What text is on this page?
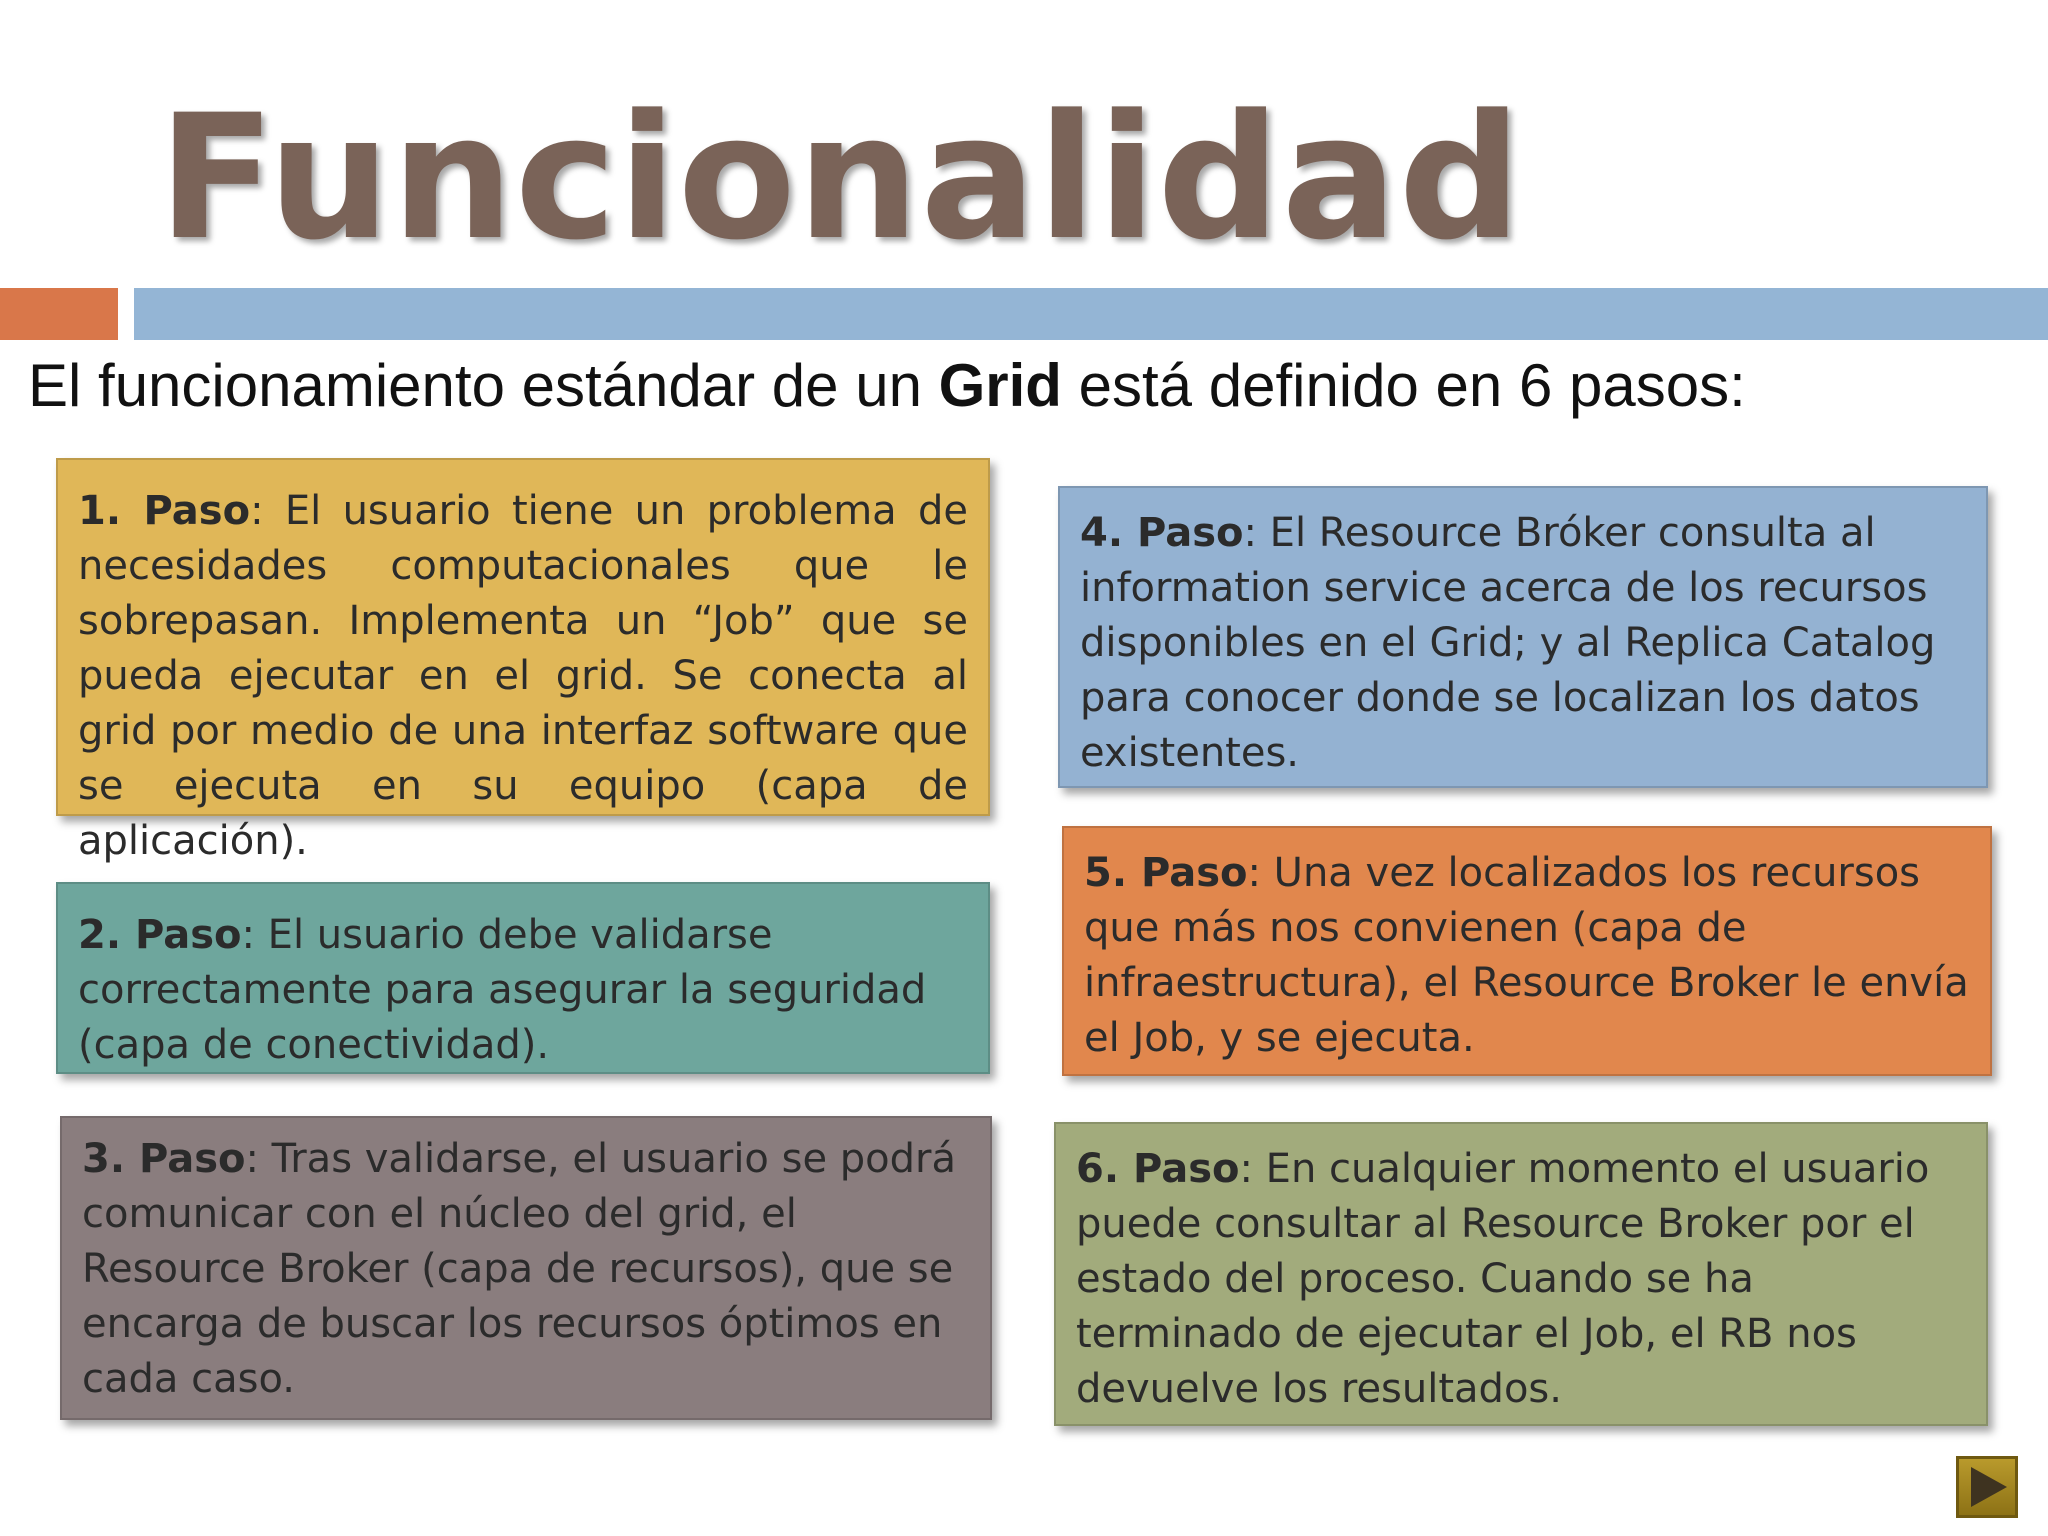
Funcionalidad

El funcionamiento estándar de un Grid está definido en 6 pasos:

1. Paso: El usuario tiene un problema de necesidades computacionales que le sobrepasan. Implementa un “Job” que se pueda ejecutar en el grid. Se conecta al grid por medio de una interfaz software que se ejecuta en su equipo (capa de aplicación).
2. Paso: El usuario debe validarse correctamente para asegurar la seguridad (capa de conectividad).
3. Paso: Tras validarse, el usuario se podrá comunicar con el núcleo del grid, el Resource Broker (capa de recursos), que se encarga de buscar los recursos óptimos en cada caso.
4. Paso: El Resource Bróker consulta al information service acerca de los recursos disponibles en el Grid; y al Replica Catalog para conocer donde se localizan los datos existentes.
5. Paso: Una vez localizados los recursos que más nos convienen (capa de infraestructura), el Resource Broker le envía el Job, y se ejecuta.
6. Paso: En cualquier momento el usuario puede consultar al Resource Broker por el estado del proceso. Cuando se ha terminado de ejecutar el Job, el RB nos devuelve los resultados.
